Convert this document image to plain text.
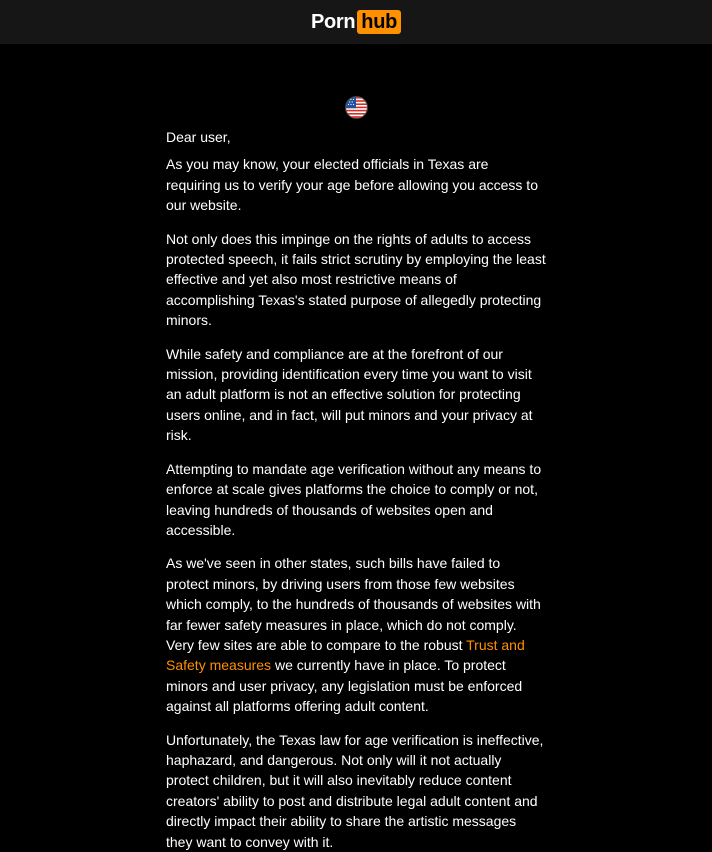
Porn hub

Dear user,

As you may know, your elected officials in Texas are requiring us to verify your age before allowing you access to our website.

Not only does this impinge on the rights of adults to access protected speech, it fails strict scrutiny by employing the least effective and yet also most restrictive means of accomplishing Texas's stated purpose of allegedly protecting minors.

While safety and compliance are at the forefront of our mission, providing identification every time you want to visit an adult platform is not an effective solution for protecting users online, and in fact, will put minors and your privacy at risk.

Attempting to mandate age verification without any means to enforce at scale gives platforms the choice to comply or not, leaving hundreds of thousands of websites open and accessible.

As we've seen in other states, such bills have failed to protect minors, by driving users from those few websites which comply, to the hundreds of thousands of websites with far fewer safety measures in place, which do not comply. Very few sites are able to compare to the robust Trust and Safety measures we currently have in place. To protect minors and user privacy, any legislation must be enforced against all platforms offering adult content.

Unfortunately, the Texas law for age verification is ineffective, haphazard, and dangerous. Not only will it not actually protect children, but it will also inevitably reduce content creators' ability to post and distribute legal adult content and directly impact their ability to share the artistic messages they want to convey with it.
